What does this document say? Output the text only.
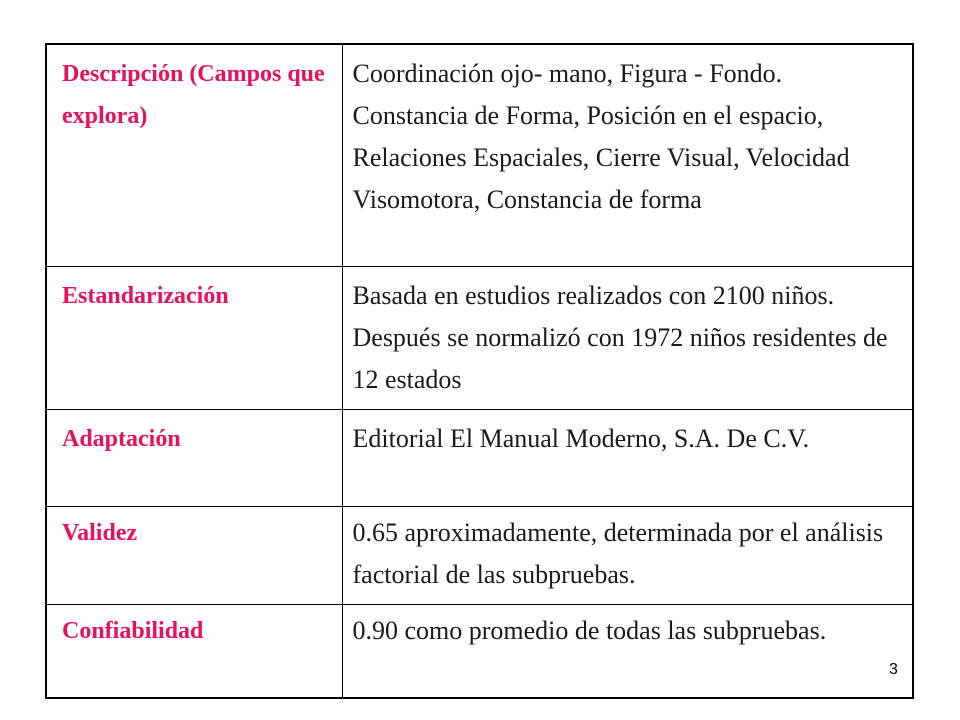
Descripción (Campos que explora)	Coordinación ojo- mano, Figura - Fondo. Constancia de Forma, Posición en el espacio, Relaciones Espaciales, Cierre Visual, Velocidad Visomotora, Constancia de forma
Estandarización	Basada en estudios realizados con 2100 niños. Después se normalizó con 1972 niños residentes de 12 estados
Adaptación	Editorial El Manual Moderno, S.A. De C.V.
Validez	0.65 aproximadamente, determinada por el análisis factorial de las subpruebas.
Confiabilidad	0.90 como promedio de todas las subpruebas.
3
